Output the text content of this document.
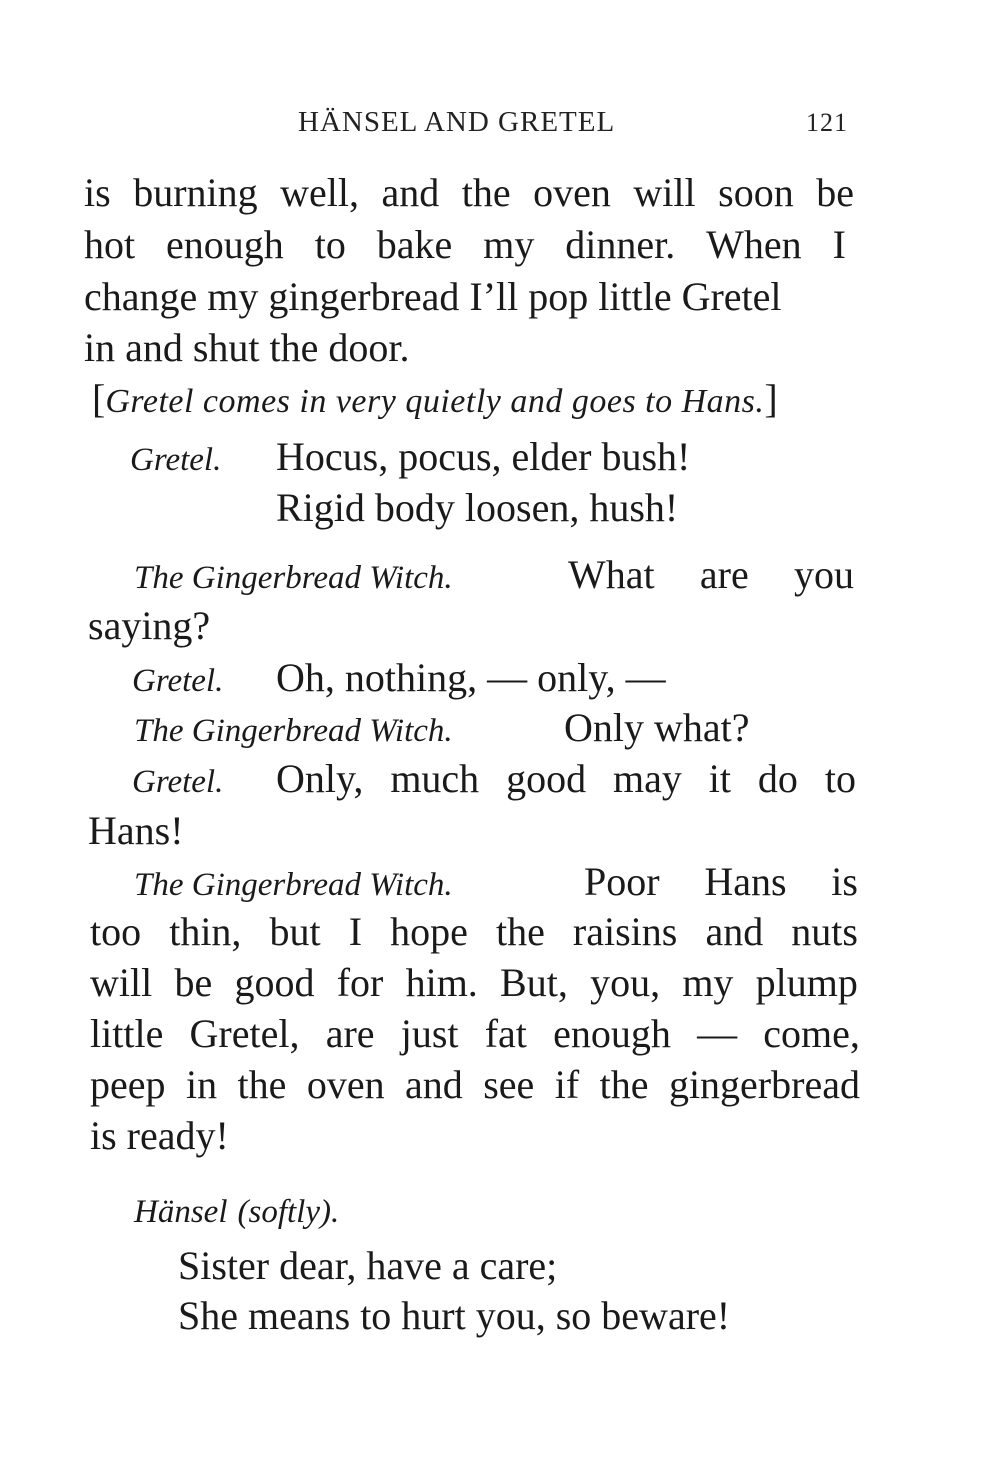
HÄNSEL AND GRETEL	121
is burning well, and the oven will soon be
hot enough to bake my dinner. When I
change my gingerbread I’ll pop little Gretel
in and shut the door.
[Gretel comes in very quietly and goes to Hans.]
Gretel. Hocus, pocus, elder bush!
Rigid body loosen, hush!
The Gingerbread Witch.	What are you
saying?
Gretel. Oh, nothing, — only, —
The Gingerbread Witch.	Only what?
Gretel. Only, much good may it do to
Hans!
The Gingerbread Witch.	Poor Hans is
too thin, but I hope the raisins and nuts
will be good for him. But, you, my plump
little Gretel, are just fat enough — come,
peep in the oven and see if the gingerbread
is ready!
Hänsel (softly).
Sister dear, have a care;
She means to hurt you, so beware!
